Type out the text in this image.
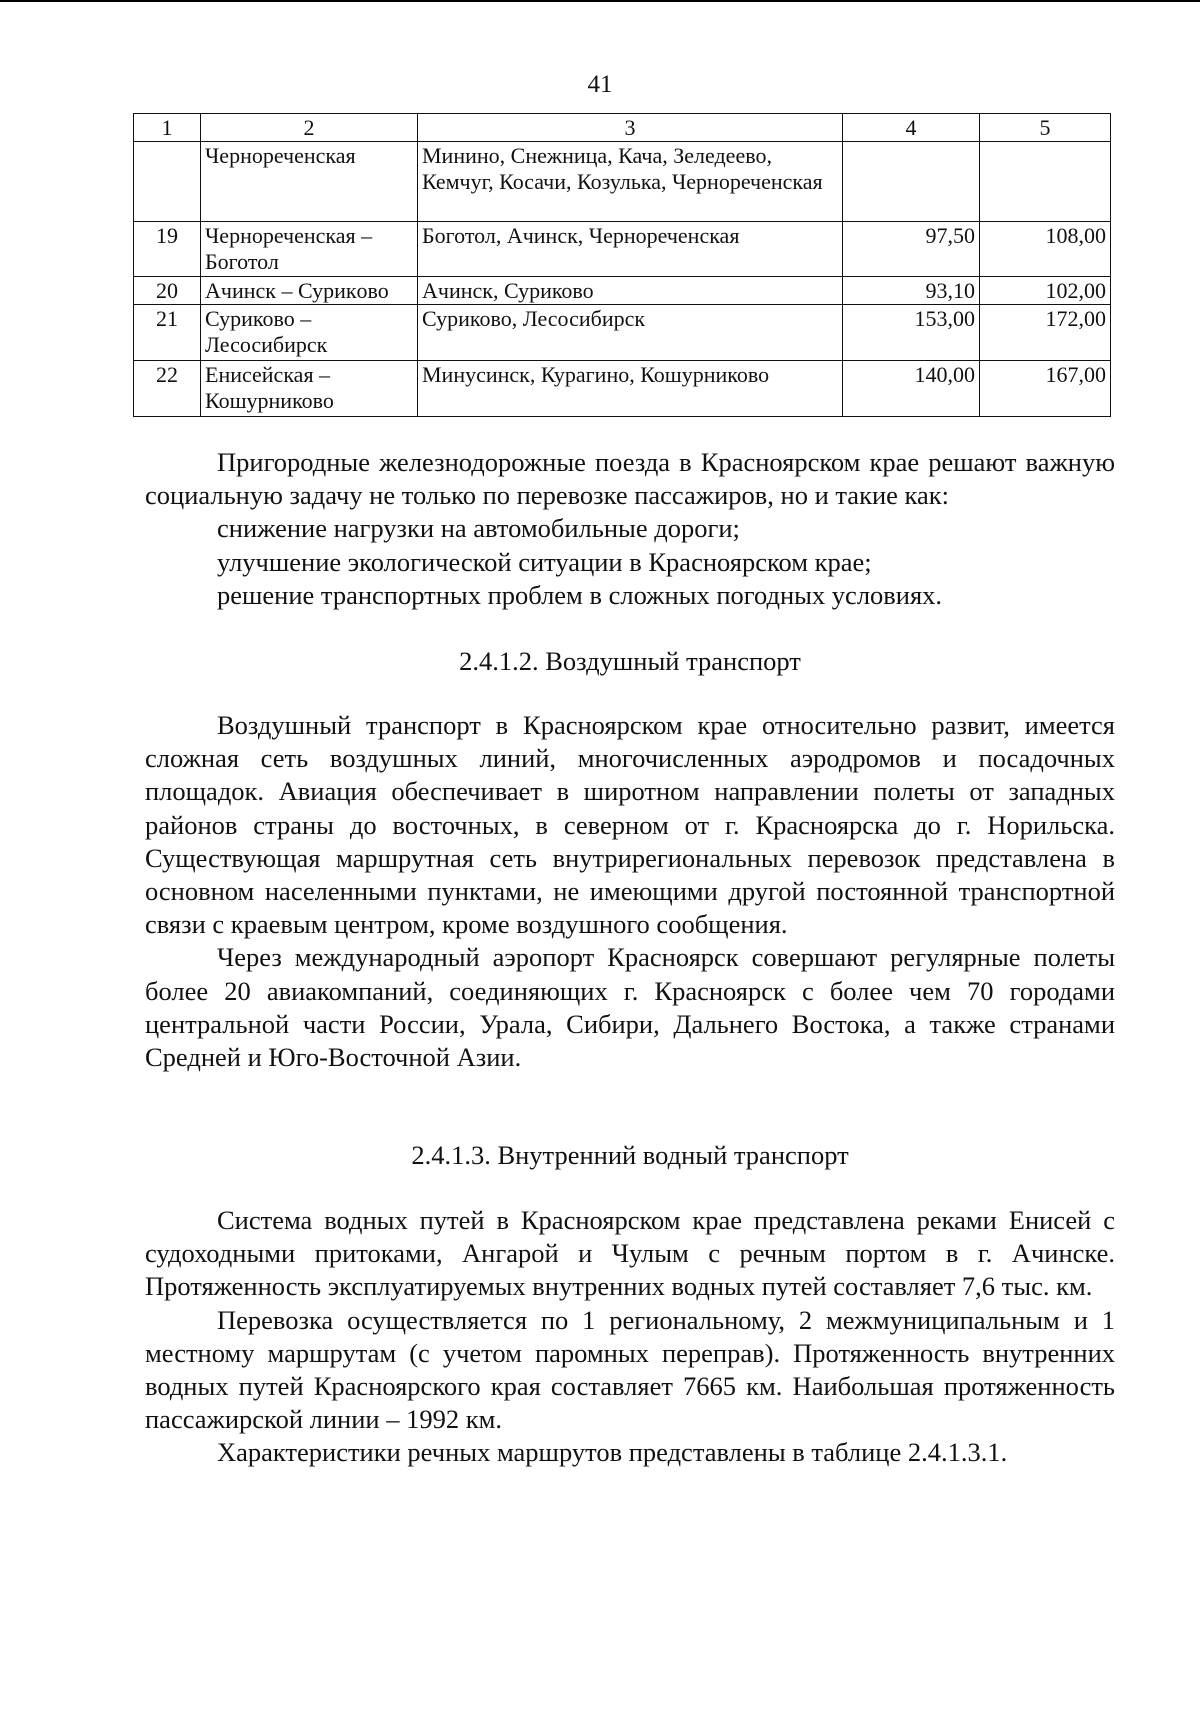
41
1	2	3	4	5
	Чернореченская	Минино, Снежница, Кача, Зеледеево, Кемчуг, Косачи, Козулька, Чернореченская		
19	Чернореченская – Боготол	Боготол, Ачинск, Чернореченская	97,50	108,00
20	Ачинск – Сурикoво	Ачинск, Суриково	93,10	102,00
21	Суриково – Лесосибирск	Суриково, Лесосибирск	153,00	172,00
22	Енисейская – Кошурниково	Минусинск, Курагино, Кошурниково	140,00	167,00

Пригородные железнодорожные поезда в Красноярском крае решают важную социальную задачу не только по перевозке пассажиров, но и такие как:

снижение нагрузки на автомобильные дороги;

улучшение экологической ситуации в Красноярском крае;

решение транспортных проблем в сложных погодных условиях.

2.4.1.2. Воздушный транспорт

Воздушный транспорт в Красноярском крае относительно развит, имеется сложная сеть воздушных линий, многочисленных аэродромов и посадочных площадок. Авиация обеспечивает в широтном направлении полеты от западных районов страны до восточных, в северном от г. Красноярска до г. Норильска. Существующая маршрутная сеть внутрирегиональных перевозок представлена в основном населенными пунктами, не имеющими другой постоянной транспортной связи с краевым центром, кроме воздушного сообщения.

Через международный аэропорт Красноярск совершают регулярные полеты более 20 авиакомпаний, соединяющих г. Красноярск с более чем 70 городами центральной части России, Урала, Сибири, Дальнего Востока, а также странами Средней и Юго-Восточной Азии.

2.4.1.3. Внутренний водный транспорт

Система водных путей в Красноярском крае представлена реками Енисей с судоходными притоками, Ангарой и Чулым с речным портом в г. Ачинске. Протяженность эксплуатируемых внутренних водных путей составляет 7,6 тыс. км.

Перевозка осуществляется по 1 региональному, 2 межмуниципальным и 1 местному маршрутам (с учетом паромных переправ). Протяженность внутренних водных путей Красноярского края составляет 7665 км. Наибольшая протяженность пассажирской линии – 1992 км.

Характеристики речных маршрутов представлены в таблице 2.4.1.3.1.
